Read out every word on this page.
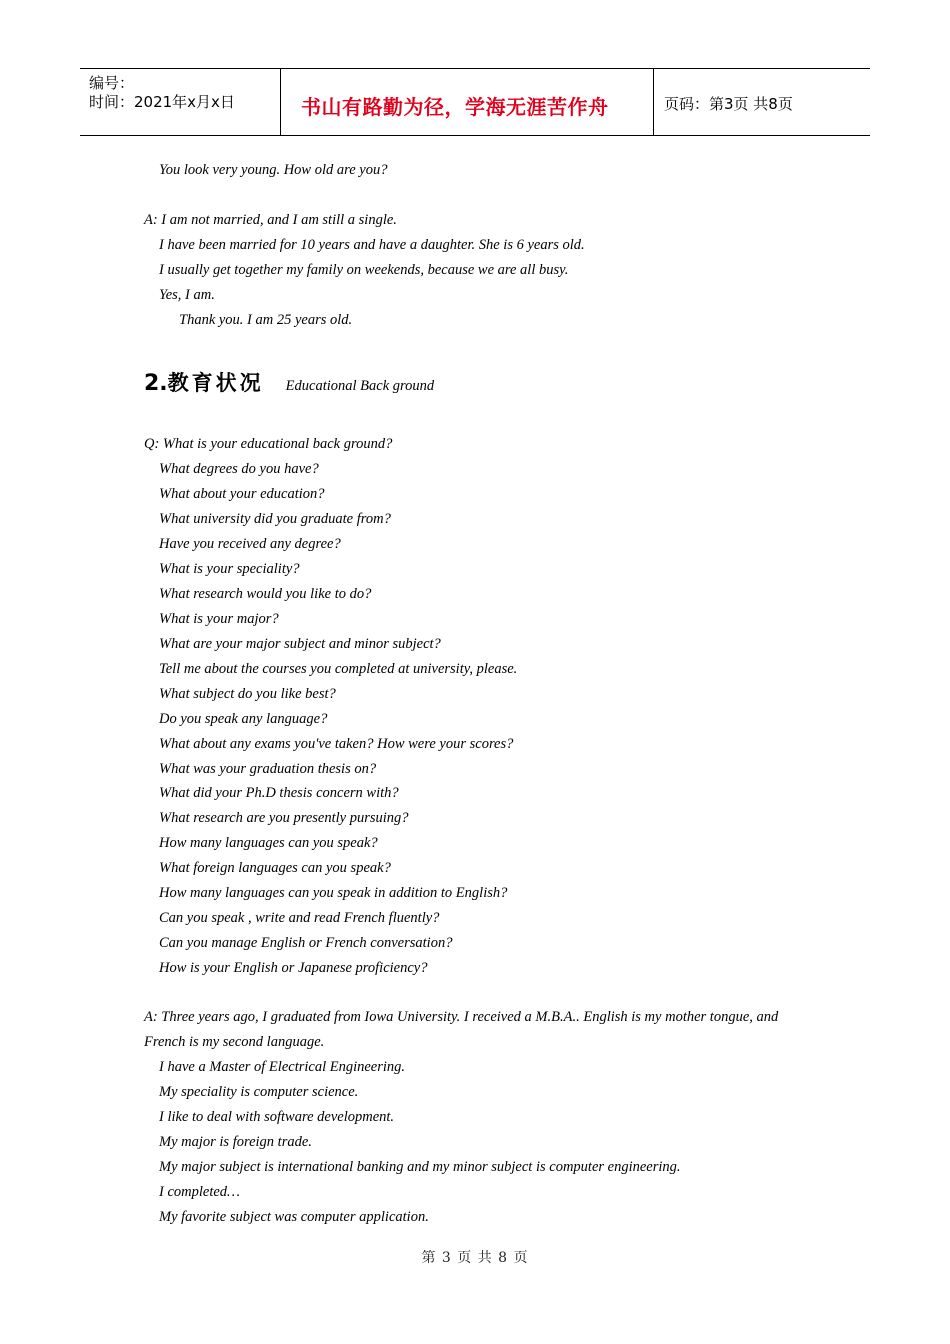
编号：
时间：2021年x月x日	书山有路勤为径，学海无涯苦作舟	页码：第3页 共8页
You look very young. How old are you?
A: I am not married, and I am still a single.
I have been married for 10 years and have a daughter. She is 6 years old.
I usually get together my family on weekends, because we are all busy.
Yes, I am.
Thank you. I am 25 years old.
2.教育状况 Educational Back ground
Q: What is your educational back ground?
What degrees do you have?
What about your education?
What university did you graduate from?
Have you received any degree?
What is your speciality?
What research would you like to do?
What is your major?
What are your major subject and minor subject?
Tell me about the courses you completed at university, please.
What subject do you like best?
Do you speak any language?
What about any exams you've taken? How were your scores?
What was your graduation thesis on?
What did your Ph.D thesis concern with?
What research are you presently pursuing?
How many languages can you speak?
What foreign languages can you speak?
How many languages can you speak in addition to English?
Can you speak , write and read French fluently?
Can you manage English or French conversation?
How is your English or Japanese proficiency?
A: Three years ago, I graduated from Iowa University. I received a M.B.A.. English is my mother tongue, and
French is my second language.
I have a Master of Electrical Engineering.
My speciality is computer science.
I like to deal with software development.
My major is foreign trade.
My major subject is international banking and my minor subject is computer engineering.
I completed…
My favorite subject was computer application.
第 3 页 共 8 页
